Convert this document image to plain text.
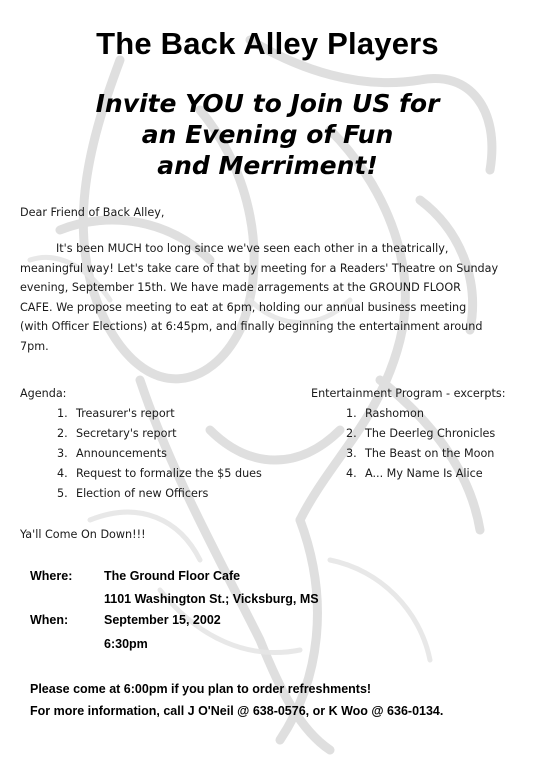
The Back Alley Players
Invite YOU to Join US for
an Evening of Fun
and Merriment!
Dear Friend of Back Alley,
It's been MUCH too long since we've seen each other in a theatrically,
meaningful way! Let's take care of that by meeting for a Readers' Theatre on Sunday
evening, September 15th. We have made arragements at the GROUND FLOOR
CAFE. We propose meeting to eat at 6pm, holding our annual business meeting
(with Officer Elections) at 6:45pm, and finally beginning the entertainment around
7pm.
Agenda:
1. Treasurer's report
2. Secretary's report
3. Announcements
4. Request to formalize the $5 dues
5. Election of new Officers
Entertainment Program - excerpts:
1. Rashomon
2. The Deerleg Chronicles
3. The Beast on the Moon
4. A... My Name Is Alice
Ya'll Come On Down!!!
Where:	The Ground Floor Cafe
1101 Washington St.; Vicksburg, MS
When:	September 15, 2002
6:30pm
Please come at 6:00pm if you plan to order refreshments!
For more information, call J O'Neil @ 638-0576, or K Woo @ 636-0134.
